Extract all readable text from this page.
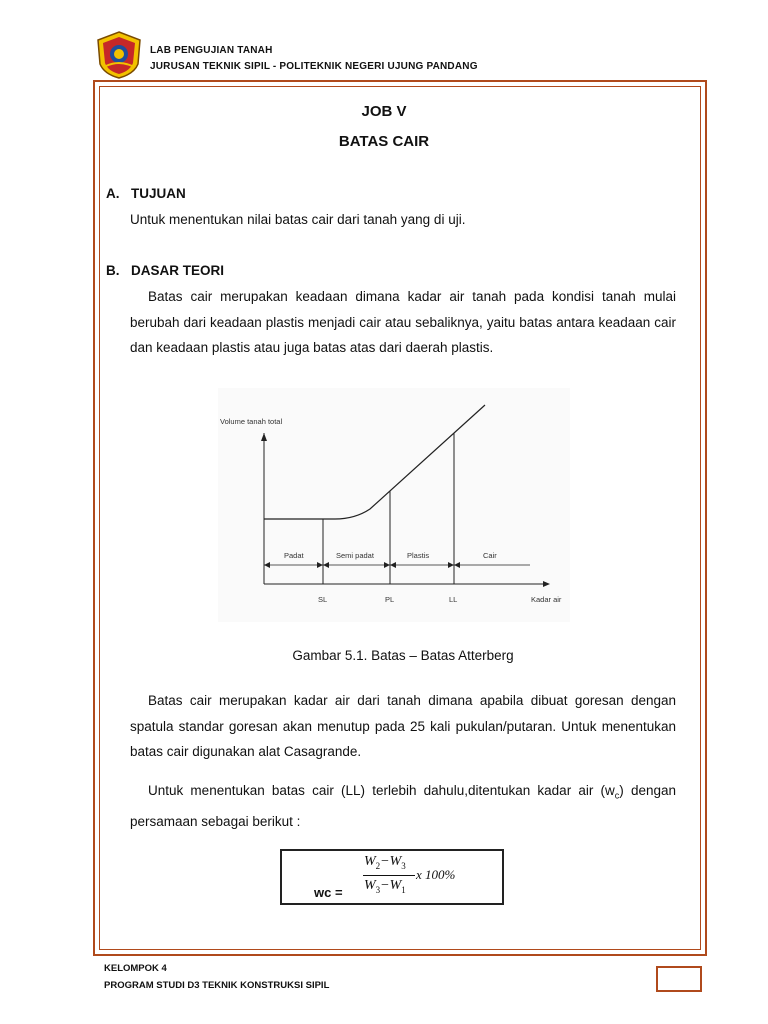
LAB PENGUJIAN TANAH
JURUSAN TEKNIK SIPIL - POLITEKNIK NEGERI UJUNG PANDANG
JOB V
BATAS CAIR
A. TUJUAN
Untuk menentukan nilai batas cair dari tanah yang di uji.
B. DASAR TEORI
Batas cair merupakan keadaan dimana kadar air tanah pada kondisi tanah mulai berubah dari keadaan plastis menjadi cair atau sebaliknya, yaitu batas antara keadaan cair dan keadaan plastis atau juga batas atas dari daerah plastis.
Volume tanah total
Padat	Semi padat	Plastis	Cair
SL	PL	LL	Kadar air
Gambar 5.1. Batas – Batas Atterberg
Batas cair merupakan kadar air dari tanah dimana apabila dibuat goresan dengan spatula standar goresan akan menutup pada 25 kali pukulan/putaran. Untuk menentukan batas cair digunakan alat Casagrande.
Untuk menentukan batas cair (LL) terlebih dahulu,ditentukan kadar air $(w_c)$ dengan persamaan sebagai berikut :
wc =
$W_2-W_3$
$W_3-W_1$
x 100%
KELOMPOK 4
PROGRAM STUDI D3 TEKNIK KONSTRUKSI SIPIL
